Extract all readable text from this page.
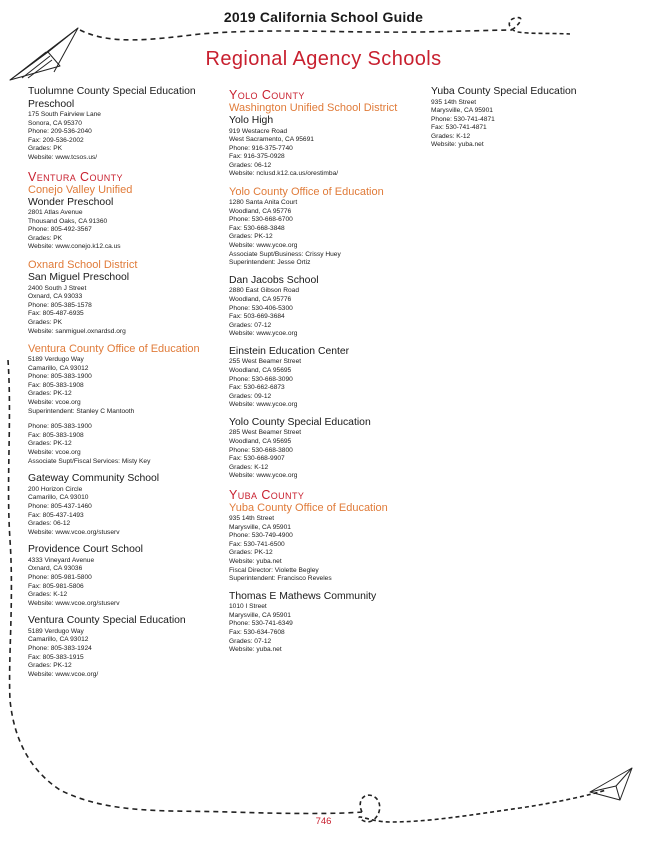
2019 California School Guide
Regional Agency Schools
Tuolumne County Special Education Preschool
175 South Fairview Lane
Sonora, CA 95370
Phone: 209-536-2040
Fax: 209-536-2002
Grades: PK
Website: www.tcsos.us/
Ventura County
Conejo Valley Unified
Wonder Preschool
2801 Atlas Avenue
Thousand Oaks, CA 91360
Phone: 805-492-3567
Grades: PK
Website: www.conejo.k12.ca.us
Oxnard School District
San Miguel Preschool
2400 South J Street
Oxnard, CA 93033
Phone: 805-385-1578
Fax: 805-487-6935
Grades: PK
Website: sanmiguel.oxnardsd.org
Ventura County Office of Education
5189 Verdugo Way
Camarillo, CA 93012
Phone: 805-383-1900
Fax: 805-383-1908
Grades: PK-12
Website: vcoe.org
Superintendent: Stanley C Mantooth
Phone: 805-383-1900
Fax: 805-383-1908
Grades: PK-12
Website: vcoe.org
Associate Supt/Fiscal Services: Misty Key
Gateway Community School
200 Horizon Circle
Camarillo, CA 93010
Phone: 805-437-1460
Fax: 805-437-1493
Grades: 06-12
Website: www.vcoe.org/stuserv
Providence Court School
4333 Vineyard Avenue
Oxnard, CA 93036
Phone: 805-981-5800
Fax: 805-981-5806
Grades: K-12
Website: www.vcoe.org/stuserv
Ventura County Special Education
5189 Verdugo Way
Camarillo, CA 93012
Phone: 805-383-1924
Fax: 805-383-1915
Grades: PK-12
Website: www.vcoe.org/
Yolo County
Washington Unified School District
Yolo High
919 Westacre Road
West Sacramento, CA 95691
Phone: 916-375-7740
Fax: 916-375-0928
Grades: 06-12
Website: nclusd.k12.ca.us/orestimba/
Yolo County Office of Education
1280 Santa Anita Court
Woodland, CA 95776
Phone: 530-668-6700
Fax: 530-668-3848
Grades: PK-12
Website: www.ycoe.org
Associate Supt/Business: Crissy Huey
Superintendent: Jesse Ortiz
Dan Jacobs School
2880 East Gibson Road
Woodland, CA 95776
Phone: 530-406-5300
Fax: 503-669-3684
Grades: 07-12
Website: www.ycoe.org
Einstein Education Center
255 West Beamer Street
Woodland, CA 95695
Phone: 530-668-3090
Fax: 530-662-6873
Grades: 09-12
Website: www.ycoe.org
Yolo County Special Education
285 West Beamer Street
Woodland, CA 95695
Phone: 530-668-3800
Fax: 530-668-9907
Grades: K-12
Website: www.ycoe.org
Yuba County
Yuba County Office of Education
935 14th Street
Marysville, CA 95901
Phone: 530-749-4900
Fax: 530-741-6500
Grades: PK-12
Website: yuba.net
Fiscal Director: Violette Begley
Superintendent: Francisco Reveles
Thomas E Mathews Community
1010 I Street
Marysville, CA 95901
Phone: 530-741-6349
Fax: 530-634-7608
Grades: 07-12
Website: yuba.net
Yuba County Special Education
935 14th Street
Marysville, CA 95901
Phone: 530-741-4871
Fax: 530-741-4871
Grades: K-12
Website: yuba.net
746
